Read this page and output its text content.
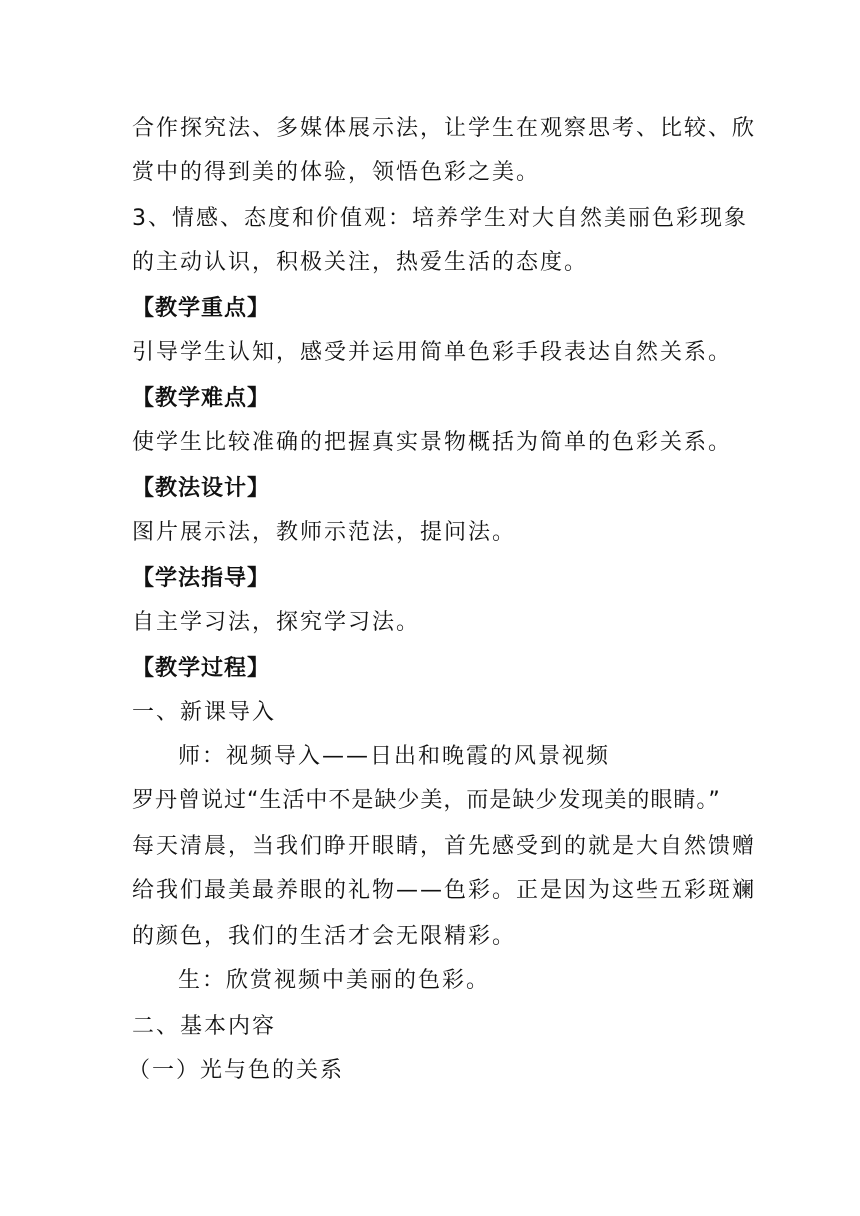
合作探究法、多媒体展示法，让学生在观察思考、比较、欣
赏中的得到美的体验，领悟色彩之美。
3、情感、态度和价值观：培养学生对大自然美丽色彩现象
的主动认识，积极关注，热爱生活的态度。
【教学重点】
引导学生认知，感受并运用简单色彩手段表达自然关系。
【教学难点】
使学生比较准确的把握真实景物概括为简单的色彩关系。
【教法设计】
图片展示法，教师示范法，提问法。
【学法指导】
自主学习法，探究学习法。
【教学过程】
一、新课导入
师：视频导入——日出和晚霞的风景视频
罗丹曾说过“生活中不是缺少美，而是缺少发现美的眼睛。”
每天清晨，当我们睁开眼睛，首先感受到的就是大自然馈赠
给我们最美最养眼的礼物——色彩。正是因为这些五彩斑斓
的颜色，我们的生活才会无限精彩。
生：欣赏视频中美丽的色彩。
二、基本内容
（一）光与色的关系
